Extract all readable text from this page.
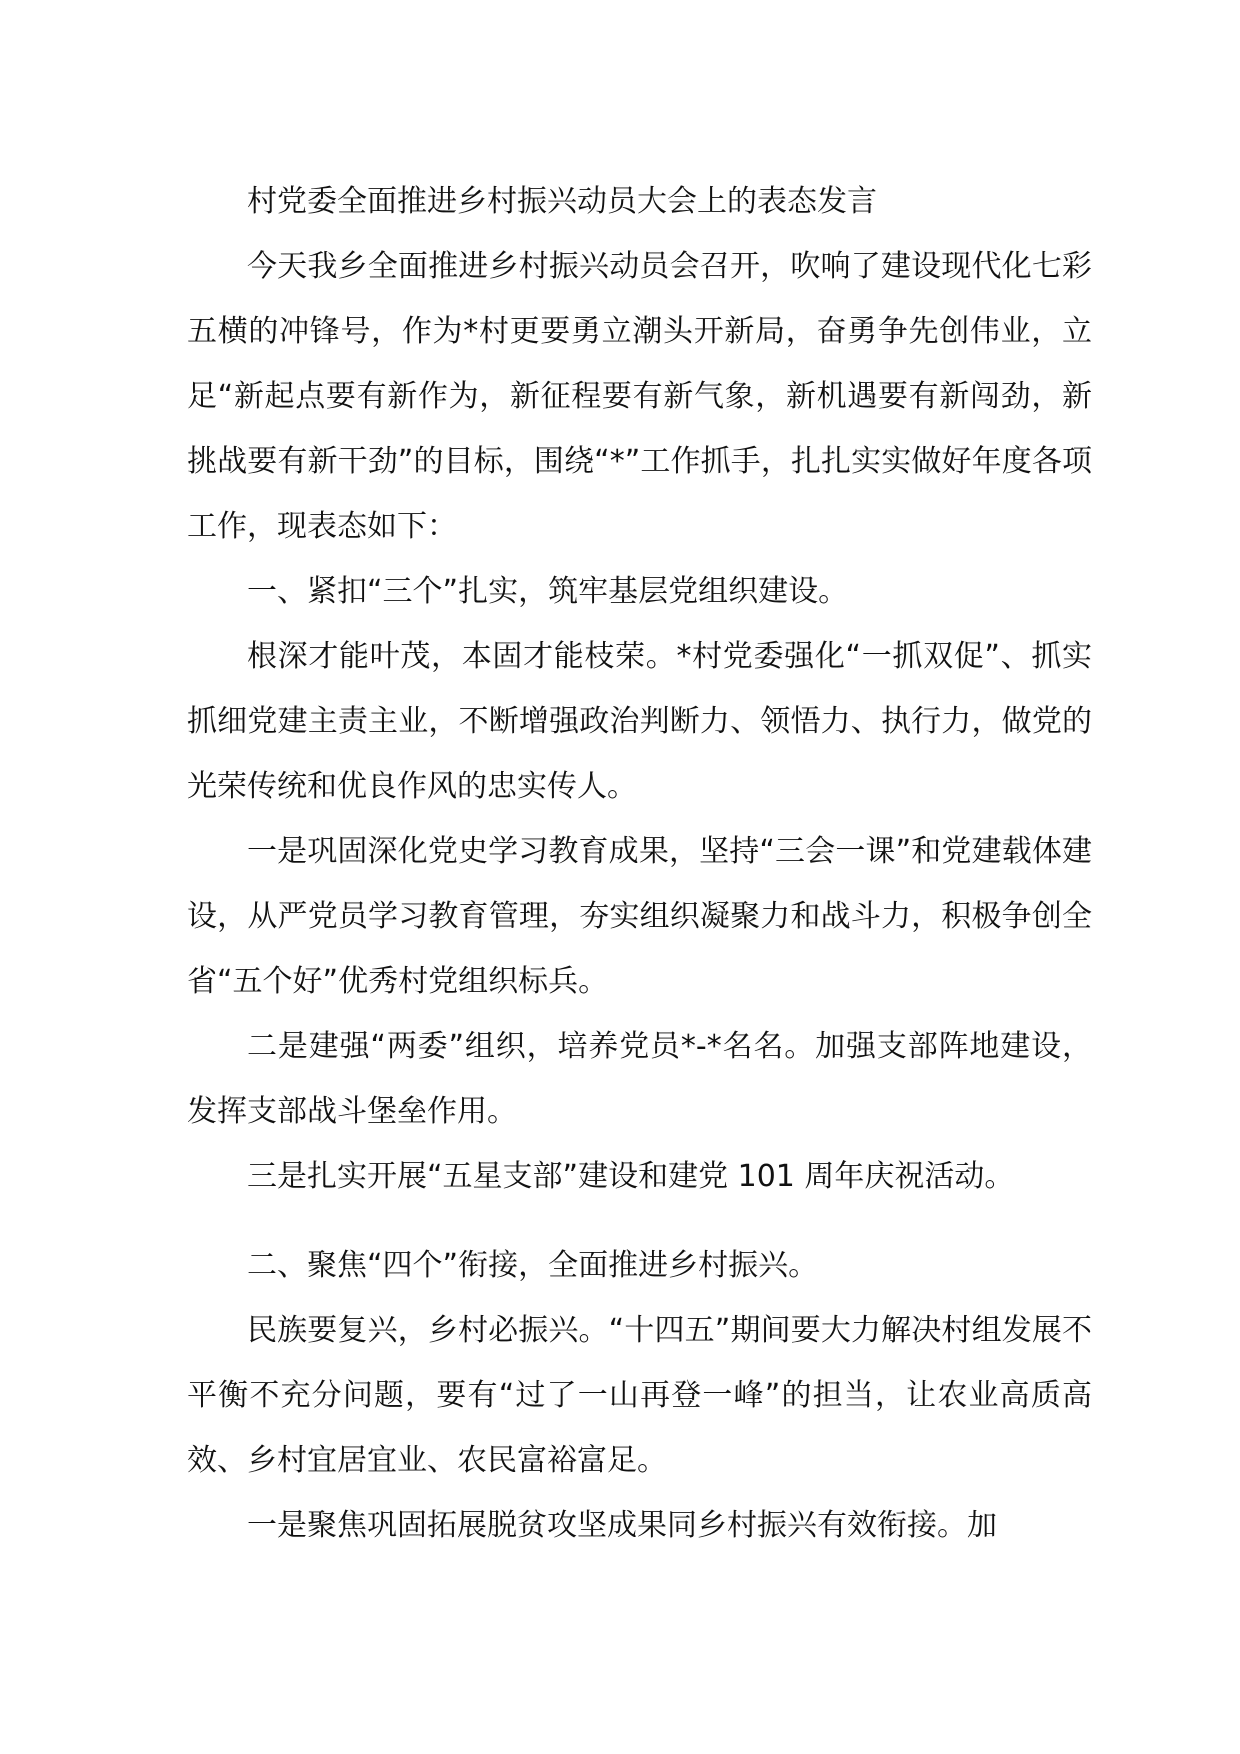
村党委全面推进乡村振兴动员大会上的表态发言

今天我乡全面推进乡村振兴动员会召开，吹响了建设现代化七彩五横的冲锋号，作为*村更要勇立潮头开新局，奋勇争先创伟业，立足“新起点要有新作为，新征程要有新气象，新机遇要有新闯劲，新挑战要有新干劲”的目标，围绕“*”工作抓手，扎扎实实做好年度各项工作，现表态如下：

一、紧扣“三个”扎实，筑牢基层党组织建设。

根深才能叶茂，本固才能枝荣。*村党委强化“一抓双促”、抓实抓细党建主责主业，不断增强政治判断力、领悟力、执行力，做党的光荣传统和优良作风的忠实传人。

一是巩固深化党史学习教育成果，坚持“三会一课”和党建载体建设，从严党员学习教育管理，夯实组织凝聚力和战斗力，积极争创全省“五个好”优秀村党组织标兵。

二是建强“两委”组织，培养党员*-*名名。加强支部阵地建设，发挥支部战斗堡垒作用。

三是扎实开展“五星支部”建设和建党 101 周年庆祝活动。

二、聚焦“四个”衔接，全面推进乡村振兴。

民族要复兴，乡村必振兴。“十四五”期间要大力解决村组发展不平衡不充分问题，要有“过了一山再登一峰”的担当，让农业高质高效、乡村宜居宜业、农民富裕富足。

一是聚焦巩固拓展脱贫攻坚成果同乡村振兴有效衔接。加
